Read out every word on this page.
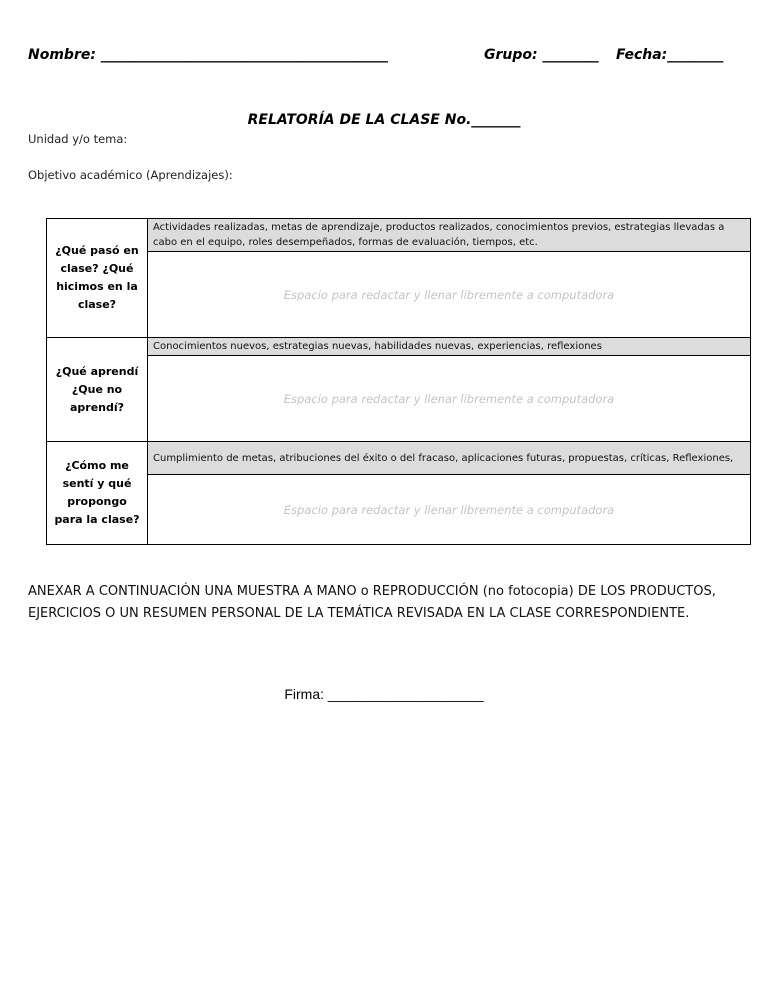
Nombre: _________________________________________	Grupo: ________ Fecha:________
RELATORÍA DE LA CLASE No._______
Unidad y/o tema:
Objetivo académico (Aprendizajes):
¿Qué pasó en clase? ¿Qué hicimos en la clase?	Actividades realizadas, metas de aprendizaje, productos realizados, conocimientos previos, estrategias llevadas a cabo en el equipo, roles desempeñados, formas de evaluación, tiempos, etc.
	Espacio para redactar y llenar libremente a computadora
¿Qué aprendí ¿Que no aprendí?	Conocimientos nuevos, estrategias nuevas, habilidades nuevas, experiencias, reflexiones
	Espacio para redactar y llenar libremente a computadora
¿Cómo me sentí y qué propongo para la clase?	Cumplimiento de metas, atribuciones del éxito o del fracaso, aplicaciones futuras, propuestas, críticas, Reflexiones,
	Espacio para redactar y llenar libremente a computadora
ANEXAR A CONTINUACIÓN UNA MUESTRA A MANO o REPRODUCCIÓN (no fotocopia) DE LOS PRODUCTOS, EJERCICIOS O UN RESUMEN PERSONAL DE LA TEMÁTICA REVISADA EN LA CLASE CORRESPONDIENTE.
Firma: ____________________
